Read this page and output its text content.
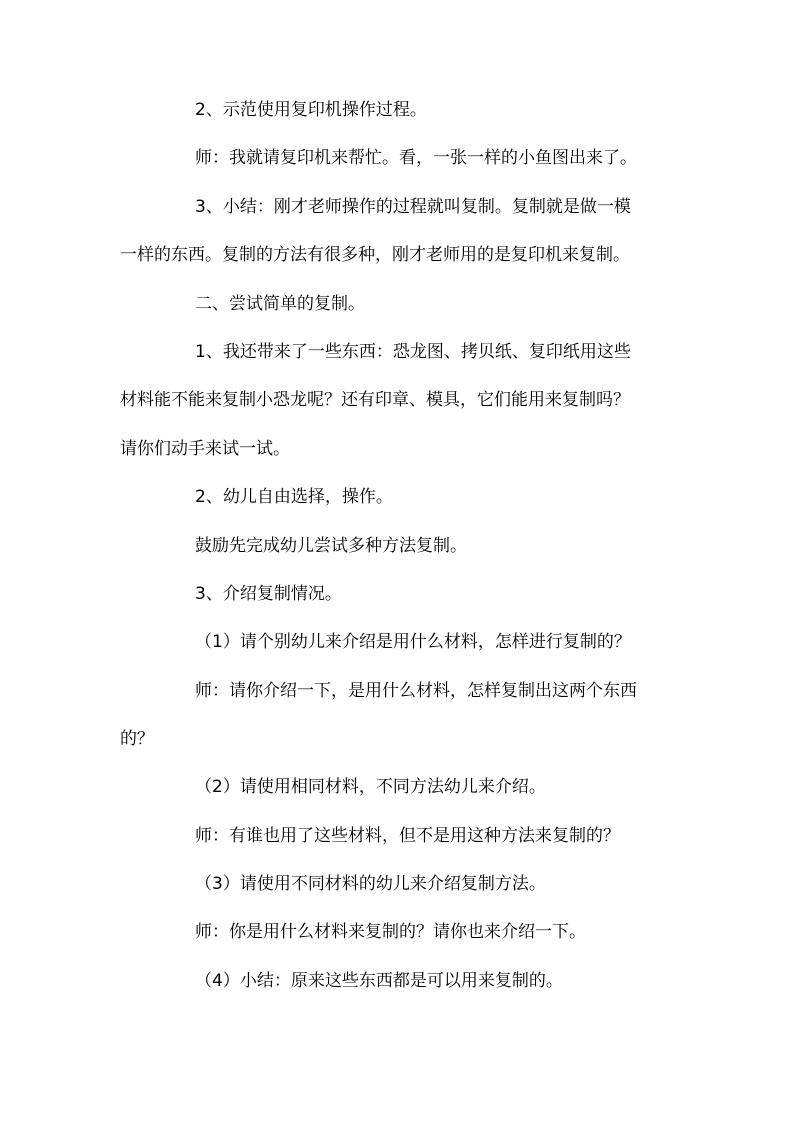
2、示范使用复印机操作过程。
师：我就请复印机来帮忙。看，一张一样的小鱼图出来了。
3、小结：刚才老师操作的过程就叫复制。复制就是做一模
一样的东西。复制的方法有很多种，刚才老师用的是复印机来复制。
二、尝试简单的复制。
1、我还带来了一些东西：恐龙图、拷贝纸、复印纸用这些
材料能不能来复制小恐龙呢？还有印章、模具，它们能用来复制吗？
请你们动手来试一试。
2、幼儿自由选择，操作。
鼓励先完成幼儿尝试多种方法复制。
3、介绍复制情况。
（1）请个别幼儿来介绍是用什么材料，怎样进行复制的？
师：请你介绍一下，是用什么材料，怎样复制出这两个东西
的？
（2）请使用相同材料，不同方法幼儿来介绍。
师：有谁也用了这些材料，但不是用这种方法来复制的？
（3）请使用不同材料的幼儿来介绍复制方法。
师：你是用什么材料来复制的？请你也来介绍一下。
（4）小结：原来这些东西都是可以用来复制的。
